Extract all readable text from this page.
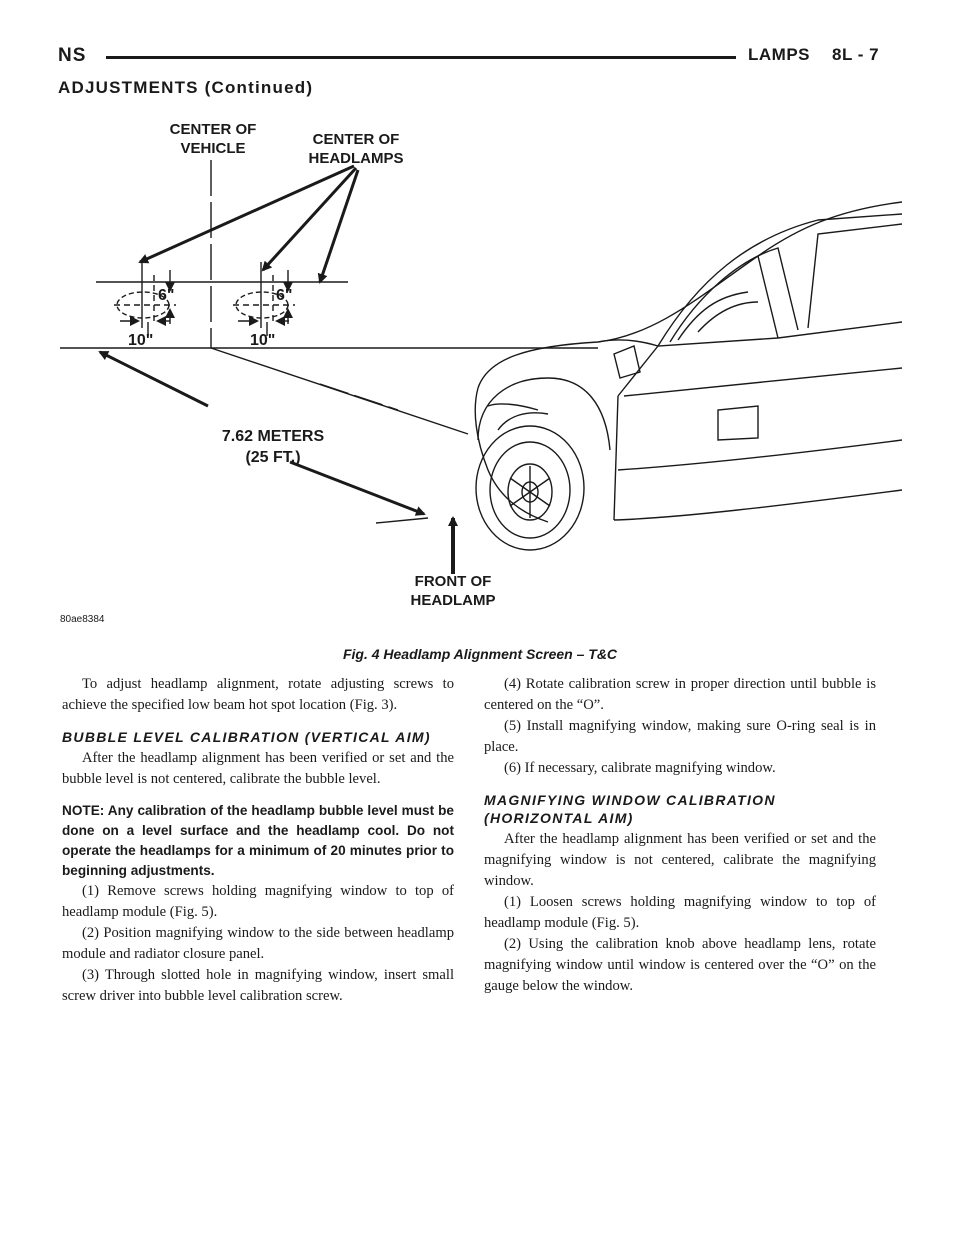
NS	LAMPS 8L - 7
ADJUSTMENTS (Continued)
CENTER OF
VEHICLE
CENTER OF
HEADLAMPS
7.62 METERS
(25 FT.)
FRONT OF
HEADLAMP
6"	6"
10"	10"
80ae8384
Fig. 4 Headlamp Alignment Screen – T&C

To adjust headlamp alignment, rotate adjusting screws to achieve the specified low beam hot spot location (Fig. 3).

BUBBLE LEVEL CALIBRATION (VERTICAL AIM)

After the headlamp alignment has been verified or set and the bubble level is not centered, calibrate the bubble level.

NOTE: Any calibration of the headlamp bubble level must be done on a level surface and the headlamp cool. Do not operate the headlamps for a minimum of 20 minutes prior to beginning adjustments.

(1) Remove screws holding magnifying window to top of headlamp module (Fig. 5).

(2) Position magnifying window to the side between headlamp module and radiator closure panel.

(3) Through slotted hole in magnifying window, insert small screw driver into bubble level calibration screw.

(4) Rotate calibration screw in proper direction until bubble is centered on the “O”.

(5) Install magnifying window, making sure O-ring seal is in place.

(6) If necessary, calibrate magnifying window.

MAGNIFYING WINDOW CALIBRATION (HORIZONTAL AIM)

After the headlamp alignment has been verified or set and the magnifying window is not centered, calibrate the magnifying window.

(1) Loosen screws holding magnifying window to top of headlamp module (Fig. 5).

(2) Using the calibration knob above headlamp lens, rotate magnifying window until window is centered over the “O” on the gauge below the window.
